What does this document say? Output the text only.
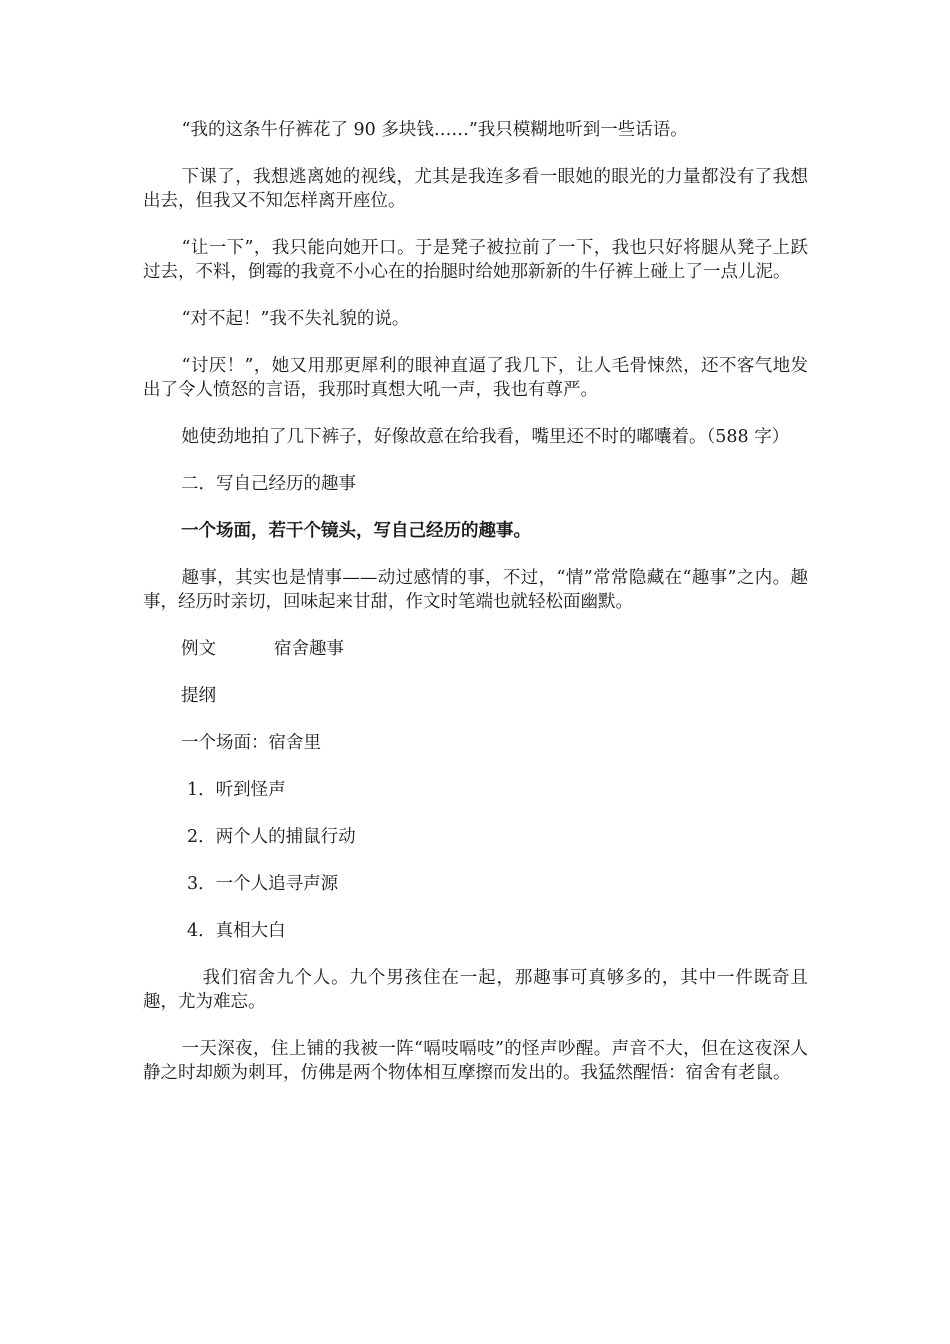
“我的这条牛仔裤花了 90 多块钱……”我只模糊地听到一些话语。

下课了，我想逃离她的视线，尤其是我连多看一眼她的眼光的力量都没有了我想出去，但我又不知怎样离开座位。

“让一下”，我只能向她开口。于是凳子被拉前了一下，我也只好将腿从凳子上跃过去，不料，倒霉的我竟不小心在的抬腿时给她那新新的牛仔裤上碰上了一点儿泥。

“对不起！”我不失礼貌的说。

“讨厌！”，她又用那更犀利的眼神直逼了我几下，让人毛骨悚然，还不客气地发出了令人愤怒的言语，我那时真想大吼一声，我也有尊严。

她使劲地拍了几下裤子，好像故意在给我看，嘴里还不时的嘟囔着。（588 字）

二．写自己经历的趣事

一个场面，若干个镜头，写自己经历的趣事。

趣事，其实也是情事——动过感情的事，不过，“情”常常隐藏在“趣事”之内。趣事，经历时亲切，回味起来甘甜，作文时笔端也就轻松面幽默。

例文	宿舍趣事
提纲
一个场面：宿舍里
1．听到怪声
2．两个人的捕鼠行动
3．一个人追寻声源
4．真相大白

我们宿舍九个人。九个男孩住在一起，那趣事可真够多的，其中一件既奇且趣，尤为难忘。

一天深夜，住上铺的我被一阵“嗝吱嗝吱”的怪声吵醒。声音不大，但在这夜深人静之时却颇为刺耳，仿佛是两个物体相互摩擦而发出的。我猛然醒悟：宿舍有老鼠。
